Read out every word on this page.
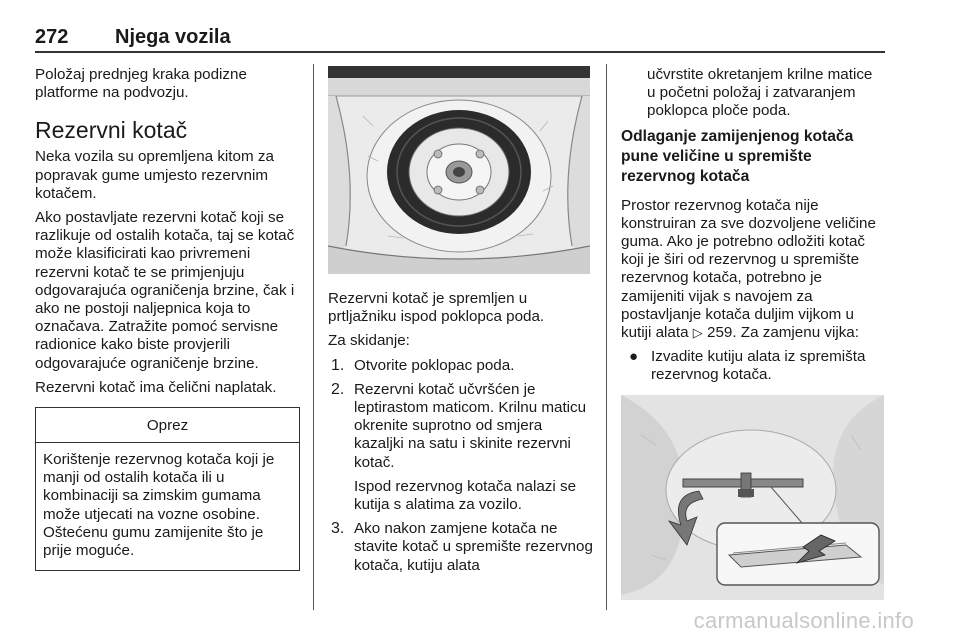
272 Njega vozila

Položaj prednjeg kraka podizne platforme na podvozju.

Rezervni kotač

Neka vozila su opremljena kitom za popravak gume umjesto rezervnim kotačem.

Ako postavljate rezervni kotač koji se razlikuje od ostalih kotača, taj se kotač može klasificirati kao privremeni rezervni kotač te se primjenjuju odgovarajuća ograničenja brzine, čak i ako ne postoji naljepnica koja to označava. Zatražite pomoć servisne radionice kako biste provjerili odgovarajuće ograničenje brzine.

Rezervni kotač ima čelični naplatak.

Oprez
Korištenje rezervnog kotača koji je manji od ostalih kotača ili u kombinaciji sa zimskim gumama može utjecati na vozne osobine. Oštećenu gumu zamijenite što je prije moguće.

Rezervni kotač je spremljen u prtljažniku ispod poklopca poda.

Za skidanje:

1. Otvorite poklopac poda.

2. Rezervni kotač učvršćen je leptirastom maticom. Krilnu maticu okrenite suprotno od smjera kazaljki na satu i skinite rezervni kotač.

Ispod rezervnog kotača nalazi se kutija s alatima za vozilo.

3. Ako nakon zamjene kotača ne stavite kotač u spremište rezervnog kotača, kutiju alata

učvrstite okretanjem krilne matice u početni položaj i zatvaranjem poklopca ploče poda.

Odlaganje zamijenjenog kotača pune veličine u spremište rezervnog kotača

Prostor rezervnog kotača nije konstruiran za sve dozvoljene veličine guma. Ako je potrebno odložiti kotač koji je širi od rezervnog u spremište rezervnog kotača, potrebno je zamijeniti vijak s navojem za postavljanje kotača duljim vijkom u kutiji alata ▷ 259. Za zamjenu vijka:

● Izvadite kutiju alata iz spremišta rezervnog kotača.

carmanualsonline.info
